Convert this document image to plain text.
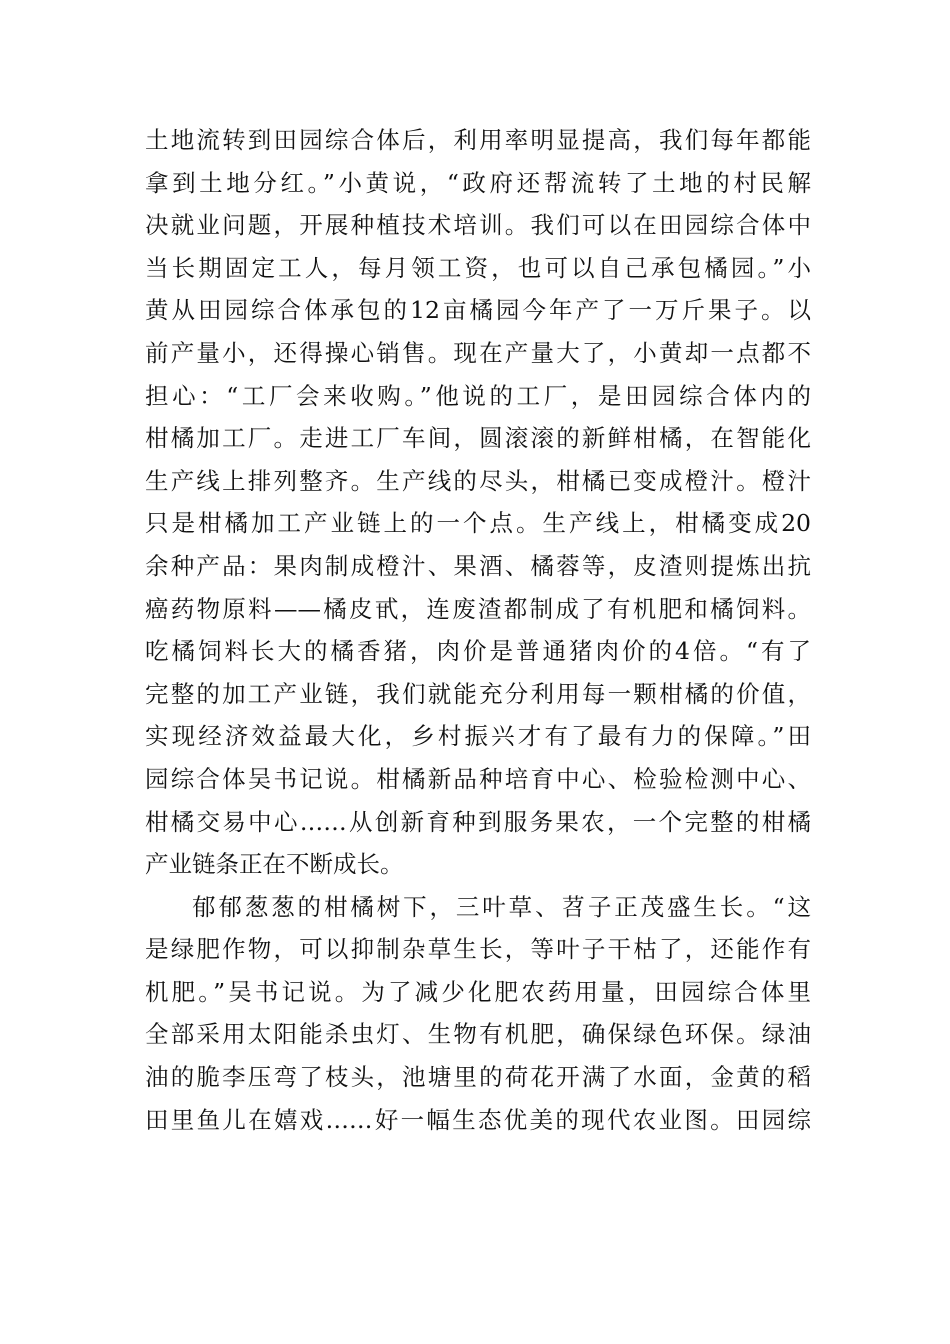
土地流转到田园综合体后，利用率明显提高，我们每年都能
拿到土地分红。”小黄说，“政府还帮流转了土地的村民解
决就业问题，开展种植技术培训。我们可以在田园综合体中
当长期固定工人，每月领工资，也可以自己承包橘园。”小
黄从田园综合体承包的12亩橘园今年产了一万斤果子。以
前产量小，还得操心销售。现在产量大了，小黄却一点都不
担心：“工厂会来收购。”他说的工厂，是田园综合体内的
柑橘加工厂。走进工厂车间，圆滚滚的新鲜柑橘，在智能化
生产线上排列整齐。生产线的尽头，柑橘已变成橙汁。橙汁
只是柑橘加工产业链上的一个点。生产线上，柑橘变成20
余种产品：果肉制成橙汁、果酒、橘蓉等，皮渣则提炼出抗
癌药物原料——橘皮甙，连废渣都制成了有机肥和橘饲料。
吃橘饲料长大的橘香猪，肉价是普通猪肉价的4倍。“有了
完整的加工产业链，我们就能充分利用每一颗柑橘的价值，
实现经济效益最大化，乡村振兴才有了最有力的保障。”田
园综合体吴书记说。柑橘新品种培育中心、检验检测中心、
柑橘交易中心……从创新育种到服务果农，一个完整的柑橘
产业链条正在不断成长。
郁郁葱葱的柑橘树下，三叶草、苕子正茂盛生长。“这
是绿肥作物，可以抑制杂草生长，等叶子干枯了，还能作有
机肥。”吴书记说。为了减少化肥农药用量，田园综合体里
全部采用太阳能杀虫灯、生物有机肥，确保绿色环保。绿油
油的脆李压弯了枝头，池塘里的荷花开满了水面，金黄的稻
田里鱼儿在嬉戏……好一幅生态优美的现代农业图。田园综
